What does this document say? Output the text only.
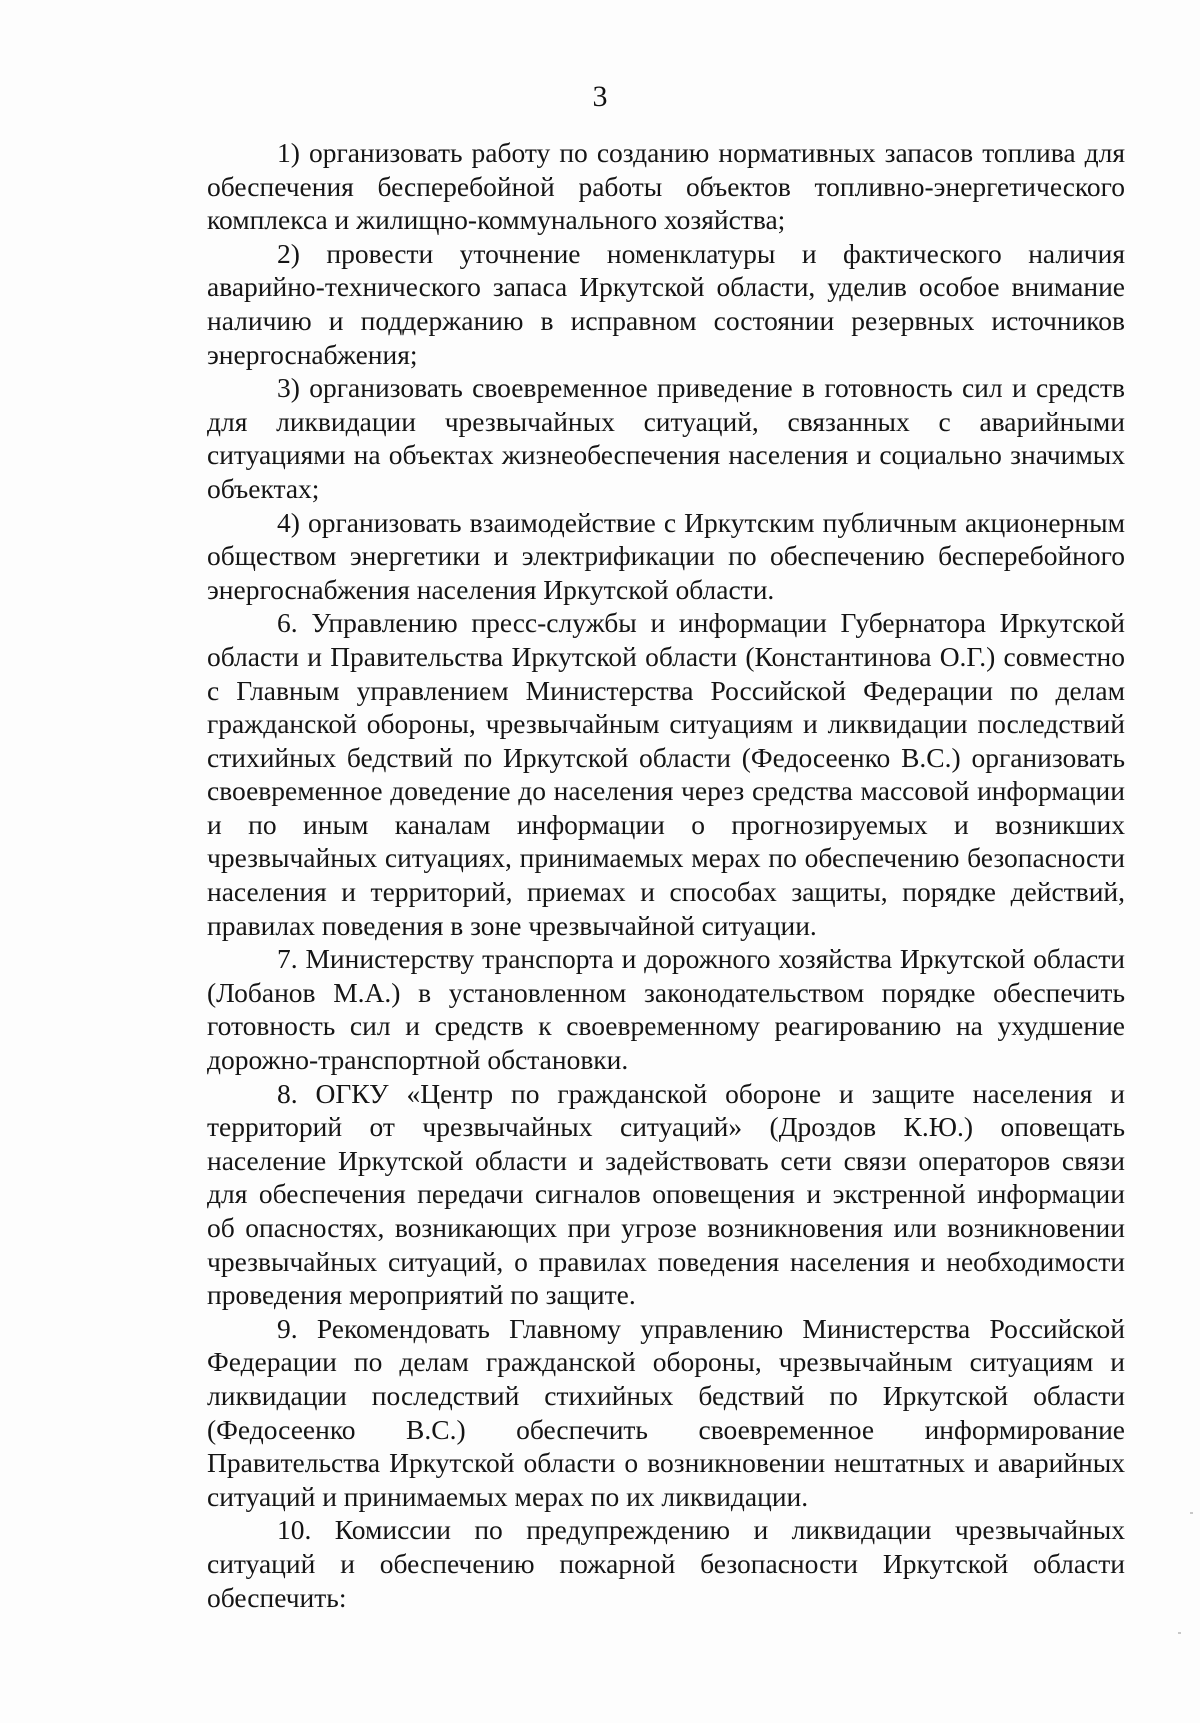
3

1) организовать работу по созданию нормативных запасов топлива для обеспечения бесперебойной работы объектов топливно-энергетического комплекса и жилищно-коммунального хозяйства;

2) провести уточнение номенклатуры и фактического наличия аварийно-технического запаса Иркутской области, уделив особое внимание наличию и поддержанию в исправном состоянии резервных источников энергоснабжения;

3) организовать своевременное приведение в готовность сил и средств для ликвидации чрезвычайных ситуаций, связанных с аварийными ситуациями на объектах жизнеобеспечения населения и социально значимых объектах;

4) организовать взаимодействие с Иркутским публичным акционерным обществом энергетики и электрификации по обеспечению бесперебойного энергоснабжения населения Иркутской области.

6. Управлению пресс-службы и информации Губернатора Иркутской области и Правительства Иркутской области (Константинова О.Г.) совместно с Главным управлением Министерства Российской Федерации по делам гражданской обороны, чрезвычайным ситуациям и ликвидации последствий стихийных бедствий по Иркутской области (Федосеенко В.С.) организовать своевременное доведение до населения через средства массовой информации и по иным каналам информации о прогнозируемых и возникших чрезвычайных ситуациях, принимаемых мерах по обеспечению безопасности населения и территорий, приемах и способах защиты, порядке действий, правилах поведения в зоне чрезвычайной ситуации.

7. Министерству транспорта и дорожного хозяйства Иркутской области (Лобанов М.А.) в установленном законодательством порядке обеспечить готовность сил и средств к своевременному реагированию на ухудшение дорожно-транспортной обстановки.

8. ОГКУ «Центр по гражданской обороне и защите населения и территорий от чрезвычайных ситуаций» (Дроздов К.Ю.) оповещать население Иркутской области и задействовать сети связи операторов связи для обеспечения передачи сигналов оповещения и экстренной информации об опасностях, возникающих при угрозе возникновения или возникновении чрезвычайных ситуаций, о правилах поведения населения и необходимости проведения мероприятий по защите.

9. Рекомендовать Главному управлению Министерства Российской Федерации по делам гражданской обороны, чрезвычайным ситуациям и ликвидации последствий стихийных бедствий по Иркутской области (Федосеенко В.С.) обеспечить своевременное информирование Правительства Иркутской области о возникновении нештатных и аварийных ситуаций и принимаемых мерах по их ликвидации.

10. Комиссии по предупреждению и ликвидации чрезвычайных ситуаций и обеспечению пожарной безопасности Иркутской области обеспечить:
